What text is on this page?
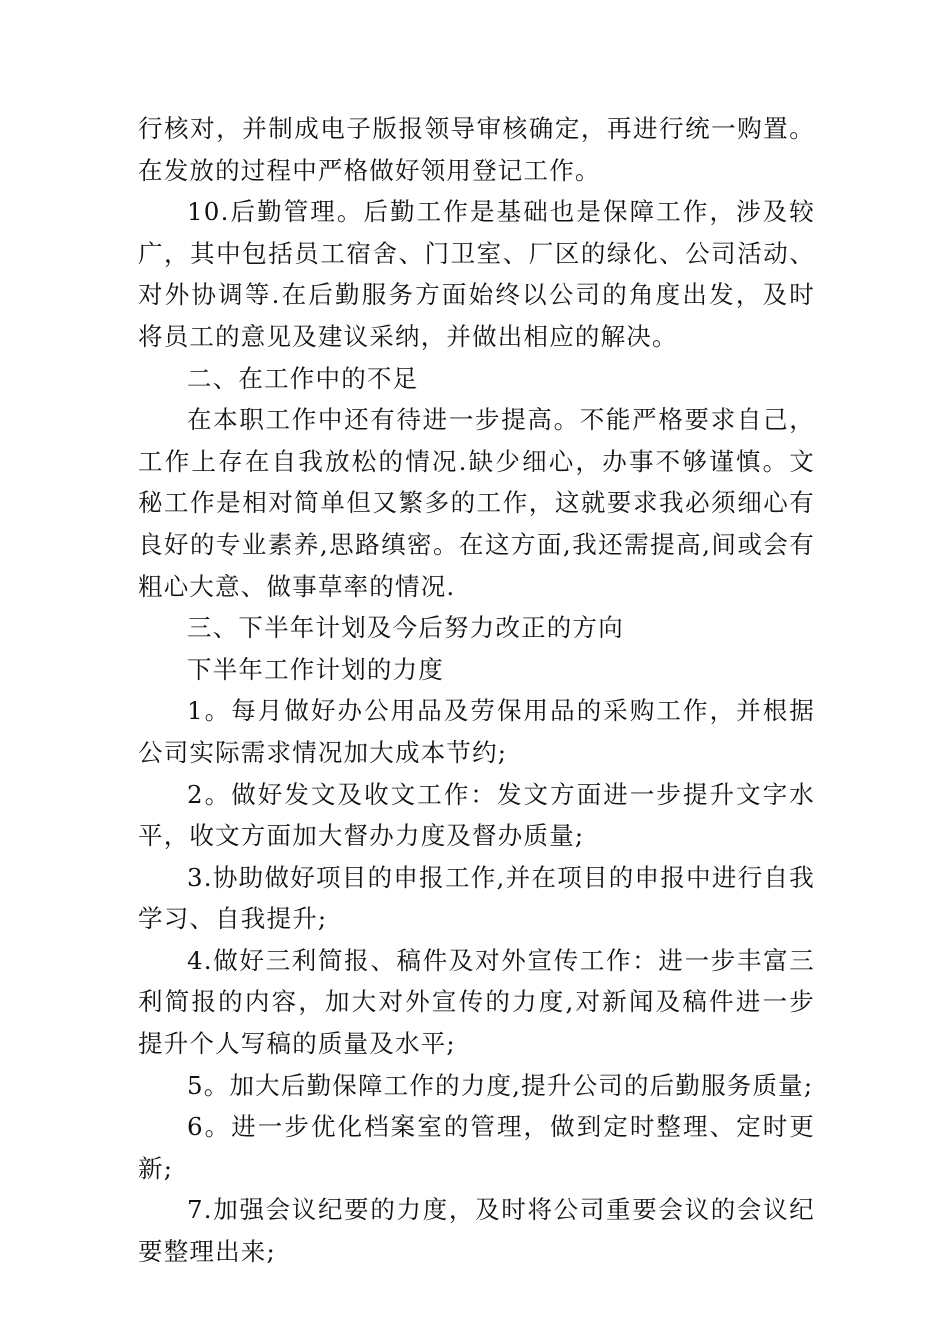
行核对，并制成电子版报领导审核确定，再进行统一购置。在发放的过程中严格做好领用登记工作。

10.后勤管理。后勤工作是基础也是保障工作，涉及较广，其中包括员工宿舍、门卫室、厂区的绿化、公司活动、对外协调等.在后勤服务方面始终以公司的角度出发，及时将员工的意见及建议采纳，并做出相应的解决。

二、在工作中的不足

在本职工作中还有待进一步提高。不能严格要求自己，工作上存在自我放松的情况.缺少细心，办事不够谨慎。文秘工作是相对简单但又繁多的工作，这就要求我必须细心有良好的专业素养,思路缜密。在这方面,我还需提高,间或会有粗心大意、做事草率的情况.

三、下半年计划及今后努力改正的方向

下半年工作计划的力度

1。每月做好办公用品及劳保用品的采购工作，并根据公司实际需求情况加大成本节约;

2。做好发文及收文工作：发文方面进一步提升文字水平，收文方面加大督办力度及督办质量;

3.协助做好项目的申报工作,并在项目的申报中进行自我学习、自我提升;

4.做好三利简报、稿件及对外宣传工作：进一步丰富三利简报的内容，加大对外宣传的力度,对新闻及稿件进一步提升个人写稿的质量及水平;

5。加大后勤保障工作的力度,提升公司的后勤服务质量;

6。进一步优化档案室的管理，做到定时整理、定时更新;

7.加强会议纪要的力度，及时将公司重要会议的会议纪要整理出来;
